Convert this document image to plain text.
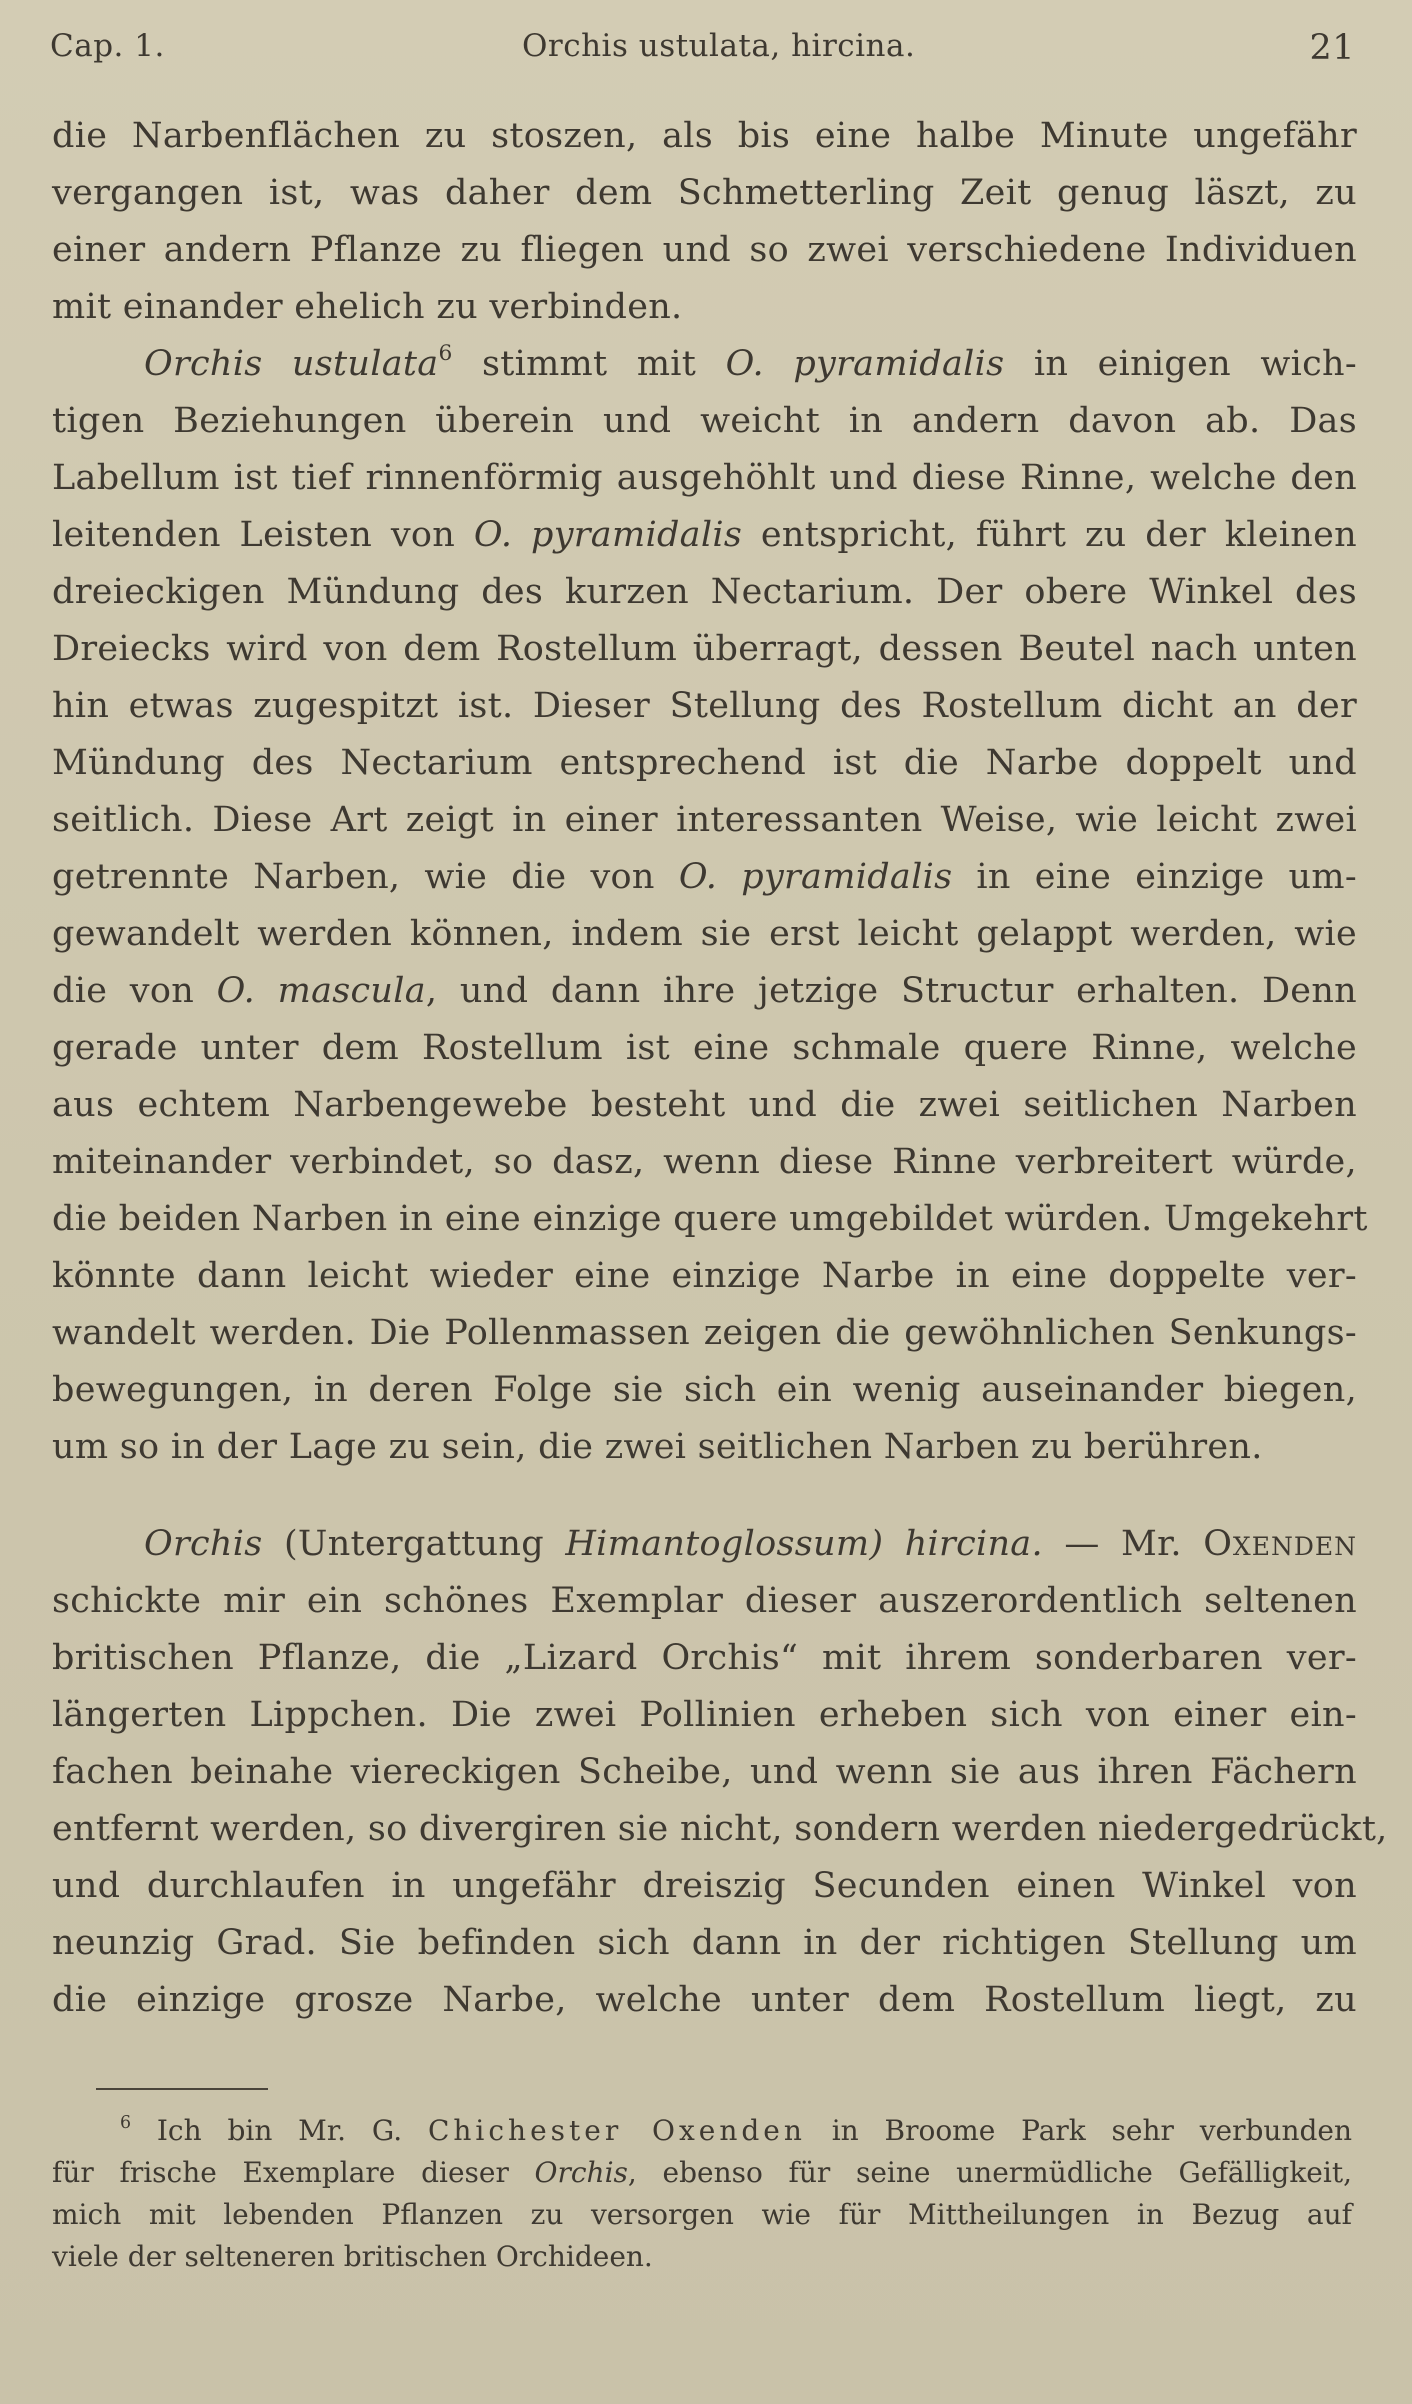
Cap. 1.	Orchis ustulata, hircina.	21
die Narbenflächen zu stoszen, als bis eine halbe Minute ungefähr
vergangen ist, was daher dem Schmetterling Zeit genug läszt, zu
einer andern Pflanze zu fliegen und so zwei verschiedene Individuen
mit einander ehelich zu verbinden.
Orchis ustulata$^6$ stimmt mit O. pyramidalis in einigen wich-
tigen Beziehungen überein und weicht in andern davon ab. Das
Labellum ist tief rinnenförmig ausgehöhlt und diese Rinne, welche den
leitenden Leisten von O. pyramidalis entspricht, führt zu der kleinen
dreieckigen Mündung des kurzen Nectarium. Der obere Winkel des
Dreiecks wird von dem Rostellum überragt, dessen Beutel nach unten
hin etwas zugespitzt ist. Dieser Stellung des Rostellum dicht an der
Mündung des Nectarium entsprechend ist die Narbe doppelt und
seitlich. Diese Art zeigt in einer interessanten Weise, wie leicht zwei
getrennte Narben, wie die von O. pyramidalis in eine einzige um-
gewandelt werden können, indem sie erst leicht gelappt werden, wie
die von O. mascula, und dann ihre jetzige Structur erhalten. Denn
gerade unter dem Rostellum ist eine schmale quere Rinne, welche
aus echtem Narbengewebe besteht und die zwei seitlichen Narben
miteinander verbindet, so dasz, wenn diese Rinne verbreitert würde,
die beiden Narben in eine einzige quere umgebildet würden. Umgekehrt
könnte dann leicht wieder eine einzige Narbe in eine doppelte ver-
wandelt werden. Die Pollenmassen zeigen die gewöhnlichen Senkungs-
bewegungen, in deren Folge sie sich ein wenig auseinander biegen,
um so in der Lage zu sein, die zwei seitlichen Narben zu berühren.
Orchis (Untergattung Himantoglossum) hircina. — Mr. Oxenden
schickte mir ein schönes Exemplar dieser auszerordentlich seltenen
britischen Pflanze, die „Lizard Orchis“ mit ihrem sonderbaren ver-
längerten Lippchen. Die zwei Pollinien erheben sich von einer ein-
fachen beinahe viereckigen Scheibe, und wenn sie aus ihren Fächern
entfernt werden, so divergiren sie nicht, sondern werden niedergedrückt,
und durchlaufen in ungefähr dreiszig Secunden einen Winkel von
neunzig Grad. Sie befinden sich dann in der richtigen Stellung um
die einzige grosze Narbe, welche unter dem Rostellum liegt, zu
$^6$ Ich bin Mr. G. Chichester Oxenden in Broome Park sehr verbunden
für frische Exemplare dieser Orchis, ebenso für seine unermüdliche Gefälligkeit,
mich mit lebenden Pflanzen zu versorgen wie für Mittheilungen in Bezug auf
viele der selteneren britischen Orchideen.
